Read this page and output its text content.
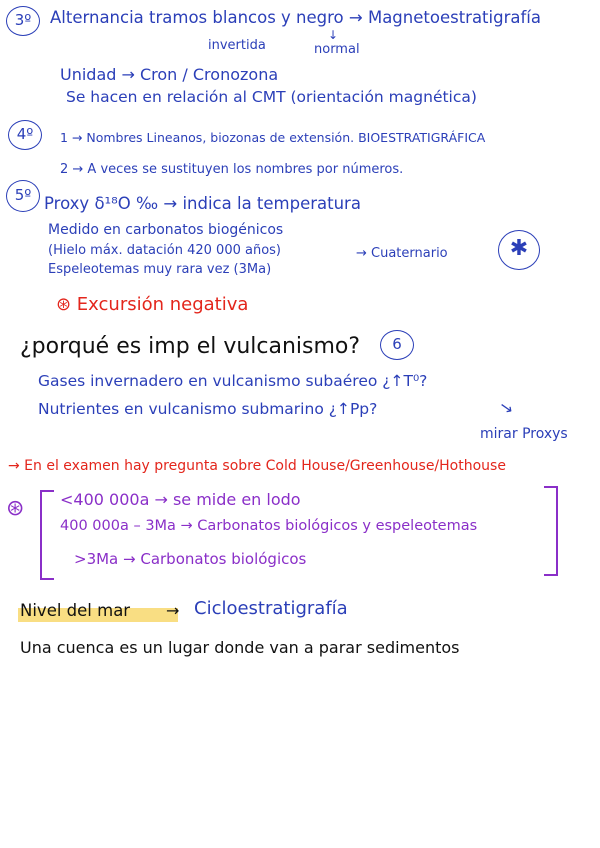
3º	Alternancia tramos blancos y negro → Magnetoestratigrafía
invertida
↓
normal
Unidad → Cron / Cronozona
Se hacen en relación al CMT (orientación magnética)
4º	1 → Nombres Lineanos, biozonas de extensión. BIOESTRATIGRÁFICA
2 → A veces se sustituyen los nombres por números.
5º Proxy δ¹⁸O ‰ → indica la temperatura
Medido en carbonatos biogénicos
(Hielo máx. datación 420 000 años)
Espeleotemas muy rara vez (3Ma)
→ Cuaternario	✱
⊛ Excursión negativa
¿porqué es imp el vulcanismo?	6
Gases invernadero en vulcanismo subaéreo ¿↑T⁰?
Nutrientes en vulcanismo submarino ¿↑Pp?	→
mirar Proxys
→ En el examen hay pregunta sobre Cold House/Greenhouse/Hothouse
⊛ <400 000a → se mide en lodo
400 000a – 3Ma → Carbonatos biológicos y espeleotemas
>3Ma → Carbonatos biológicos
Nivel del mar → Cicloestratigrafía
Una cuenca es un lugar donde van a parar sedimentos
